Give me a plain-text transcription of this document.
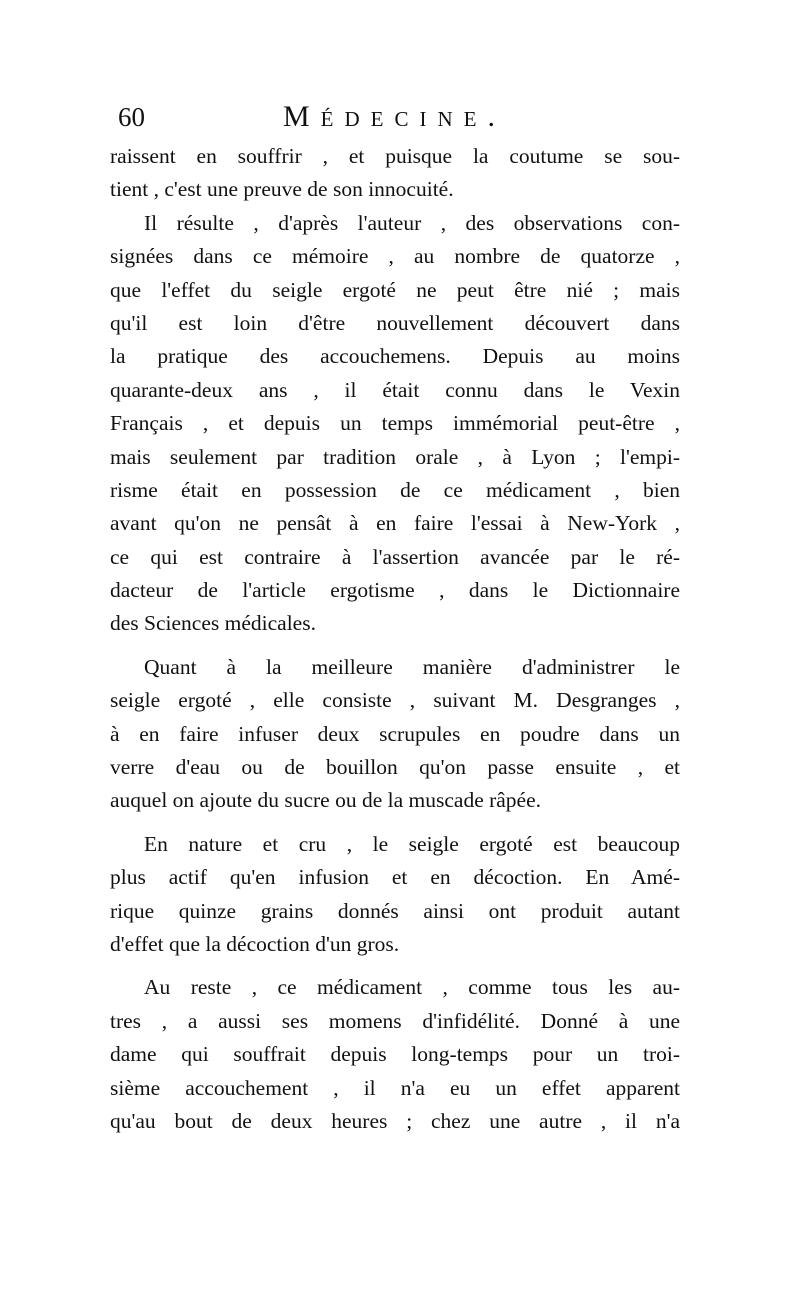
60	Médecine.
raissent en souffrir , et puisque la coutume se sou-
tient , c'est une preuve de son innocuité.
Il résulte , d'après l'auteur , des observations con-
signées dans ce mémoire , au nombre de quatorze ,
que l'effet du seigle ergoté ne peut être nié ; mais
qu'il est loin d'être nouvellement découvert dans
la pratique des accouchemens. Depuis au moins
quarante-deux ans , il était connu dans le Vexin
Français , et depuis un temps immémorial peut-être ,
mais seulement par tradition orale , à Lyon ; l'empi-
risme était en possession de ce médicament , bien
avant qu'on ne pensât à en faire l'essai à New-York ,
ce qui est contraire à l'assertion avancée par le ré-
dacteur de l'article ergotisme , dans le Dictionnaire
des Sciences médicales.
Quant à la meilleure manière d'administrer le
seigle ergoté , elle consiste , suivant M. Desgranges ,
à en faire infuser deux scrupules en poudre dans un
verre d'eau ou de bouillon qu'on passe ensuite , et
auquel on ajoute du sucre ou de la muscade râpée.
En nature et cru , le seigle ergoté est beaucoup
plus actif qu'en infusion et en décoction. En Amé-
rique quinze grains donnés ainsi ont produit autant
d'effet que la décoction d'un gros.
Au reste , ce médicament , comme tous les au-
tres , a aussi ses momens d'infidélité. Donné à une
dame qui souffrait depuis long-temps pour un troi-
sième accouchement , il n'a eu un effet apparent
qu'au bout de deux heures ; chez une autre , il n'a
